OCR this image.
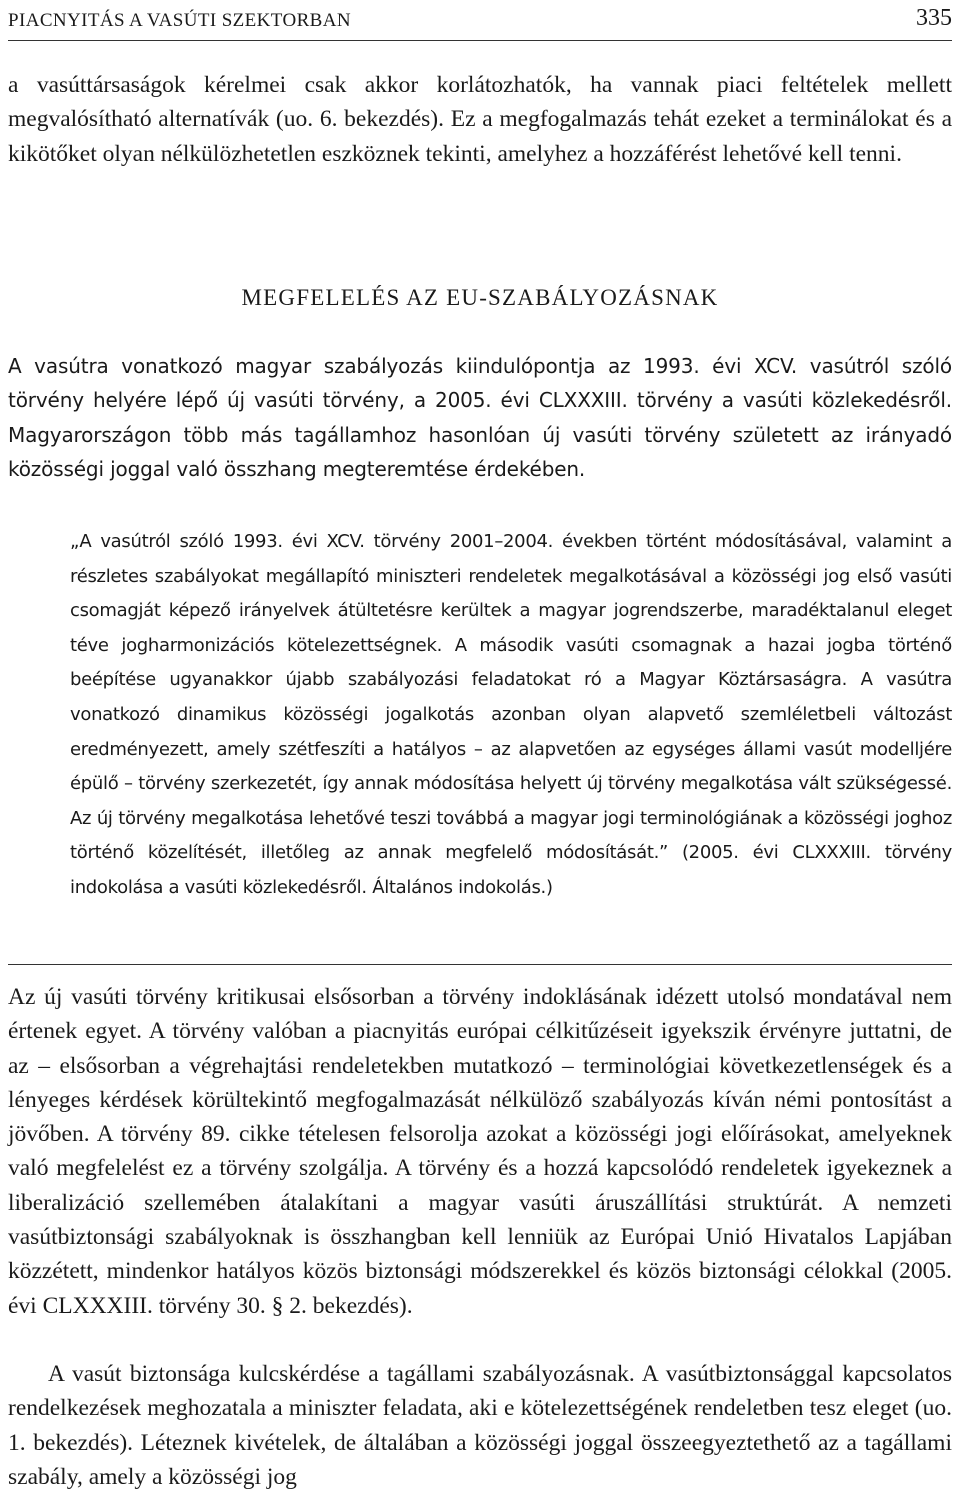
PIACNYITÁS A VASÚTI SZEKTORBAN	335
a vasúttársaságok kérelmei csak akkor korlátozhatók, ha vannak piaci feltételek mellett megvalósítható alternatívák (uo. 6. bekezdés). Ez a megfogalmazás tehát ezeket a terminálokat és a kikötőket olyan nélkülözhetetlen eszköznek tekinti, amelyhez a hozzáférést lehetővé kell tenni.
MEGFELELÉS AZ EU-SZABÁLYOZÁSNAK
A vasútra vonatkozó magyar szabályozás kiindulópontja az 1993. évi XCV. vasútról szóló törvény helyére lépő új vasúti törvény, a 2005. évi CLXXXIII. törvény a vasúti közlekedésről. Magyarországon több más tagállamhoz hasonlóan új vasúti törvény született az irányadó közösségi joggal való összhang megteremtése érdekében.
„A vasútról szóló 1993. évi XCV. törvény 2001–2004. években történt módosításával, valamint a részletes szabályokat megállapító miniszteri rendeletek megalkotásával a közösségi jog első vasúti csomagját képező irányelvek átültetésre kerültek a magyar jogrendszerbe, maradéktalanul eleget téve jogharmonizációs kötelezettségnek. A második vasúti csomagnak a hazai jogba történő beépítése ugyanakkor újabb szabályozási feladatokat ró a Magyar Köztársaságra. A vasútra vonatkozó dinamikus közösségi jogalkotás azonban olyan alapvető szemléletbeli változást eredményezett, amely szétfeszíti a hatályos – az alapvetően az egységes állami vasút modelljére épülő – törvény szerkezetét, így annak módosítása helyett új törvény megalkotása vált szükségessé. Az új törvény megalkotása lehetővé teszi továbbá a magyar jogi terminológiának a közösségi joghoz történő közelítését, illetőleg az annak megfelelő módosítását.” (2005. évi CLXXXIII. törvény indokolása a vasúti közlekedésről. Általános indokolás.)
Az új vasúti törvény kritikusai elsősorban a törvény indoklásának idézett utolsó mondatával nem értenek egyet. A törvény valóban a piacnyitás európai célkitűzéseit igyekszik érvényre juttatni, de az – elsősorban a végrehajtási rendeletekben mutatkozó – terminológiai következetlenségek és a lényeges kérdések körültekintő megfogalmazását nélkülöző szabályozás kíván némi pontosítást a jövőben. A törvény 89. cikke tételesen felsorolja azokat a közösségi jogi előírásokat, amelyeknek való megfelelést ez a törvény szolgálja. A törvény és a hozzá kapcsolódó rendeletek igyekeznek a liberalizáció szellemében átalakítani a magyar vasúti áruszállítási struktúrát. A nemzeti vasútbiztonsági szabályoknak is összhangban kell lenniük az Európai Unió Hivatalos Lapjában közzétett, mindenkor hatályos közös biztonsági módszerekkel és közös biztonsági célokkal (2005. évi CLXXXIII. törvény 30. § 2. bekezdés).
A vasút biztonsága kulcskérdése a tagállami szabályozásnak. A vasútbiztonsággal kapcsolatos rendelkezések meghozatala a miniszter feladata, aki e kötelezettségének rendeletben tesz eleget (uo. 1. bekezdés). Léteznek kivételek, de általában a közösségi joggal összeegyeztethető az a tagállami szabály, amely a közösségi jog
